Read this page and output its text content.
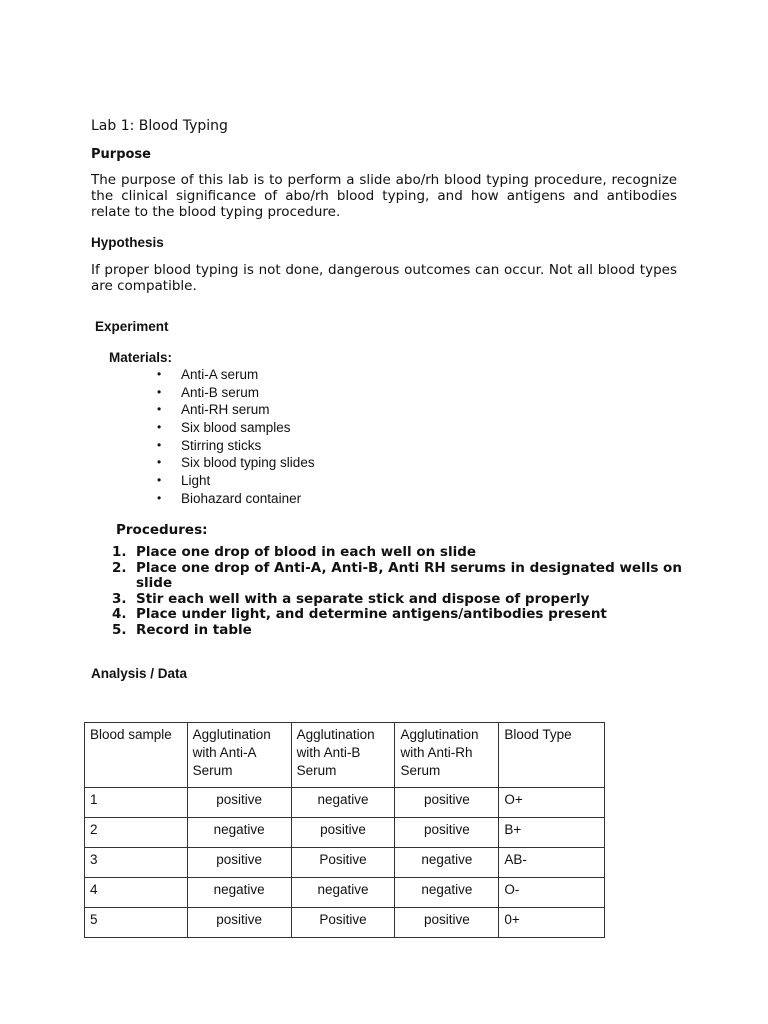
Lab 1: Blood Typing
Purpose
The purpose of this lab is to perform a slide abo/rh blood typing procedure, recognize the clinical significance of abo/rh blood typing, and how antigens and antibodies relate to the blood typing procedure.
Hypothesis
If proper blood typing is not done, dangerous outcomes can occur. Not all blood types are compatible.
Experiment
Materials:
• Anti-A serum
• Anti-B serum
• Anti-RH serum
• Six blood samples
• Stirring sticks
• Six blood typing slides
• Light
• Biohazard container
Procedures:
1. Place one drop of blood in each well on slide
2. Place one drop of Anti-A, Anti-B, Anti RH serums in designated wells on slide
3. Stir each well with a separate stick and dispose of properly
4. Place under light, and determine antigens/antibodies present
5. Record in table
Analysis / Data
Blood sample	Agglutination with Anti-A Serum	Agglutination with Anti-B Serum	Agglutination with Anti-Rh Serum	Blood Type
1	positive	negative	positive	O+
2	negative	positive	positive	B+
3	positive	Positive	negative	AB-
4	negative	negative	negative	O-
5	positive	Positive	positive	0+
